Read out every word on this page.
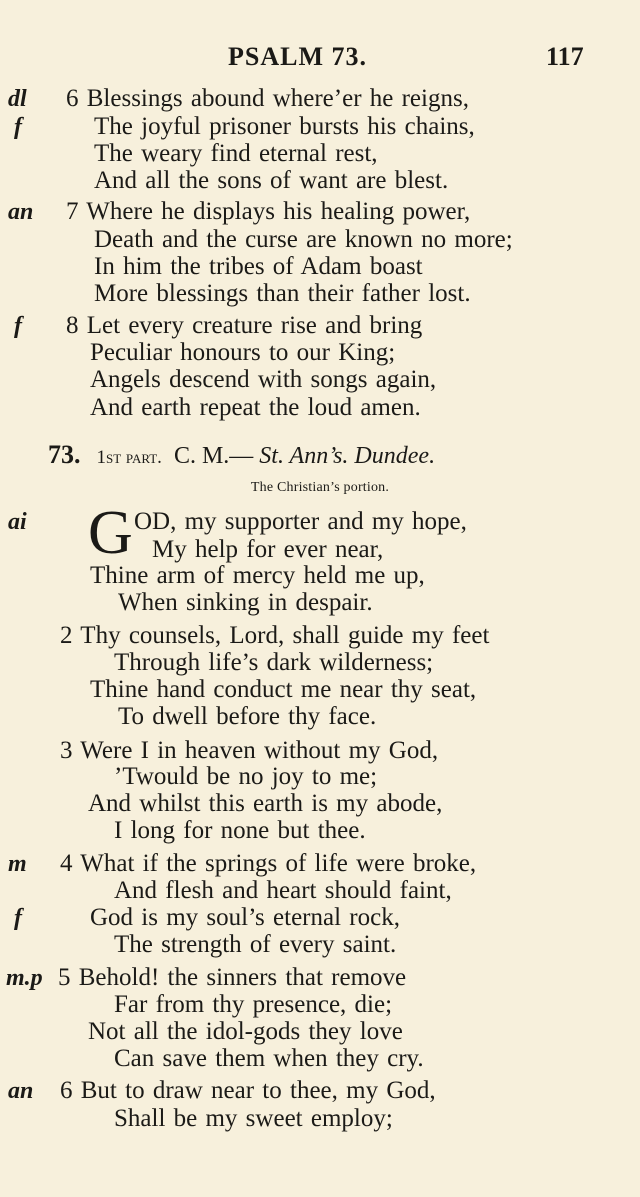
PSALM 73.	117
dl 6 Blessings abound where’er he reigns,
f	The joyful prisoner bursts his chains,
The weary find eternal rest,
And all the sons of want are blest.
an 7 Where he displays his healing power,
Death and the curse are known no more;
In him the tribes of Adam boast
More blessings than their father lost.
f 8 Let every creature rise and bring
Peculiar honours to our King;
Angels descend with songs again,
And earth repeat the loud amen.
73. 1st part. C. M.— St. Ann’s. Dundee.
The Christian’s portion.
ai G OD, my supporter and my hope,
My help for ever near,
Thine arm of mercy held me up,
When sinking in despair.
2 Thy counsels, Lord, shall guide my feet
Through life’s dark wilderness;
Thine hand conduct me near thy seat,
To dwell before thy face.
3 Were I in heaven without my God,
’Twould be no joy to me;
And whilst this earth is my abode,
I long for none but thee.
m 4 What if the springs of life were broke,
And flesh and heart should faint,
f	God is my soul’s eternal rock,
The strength of every saint.
m.p 5 Behold! the sinners that remove
Far from thy presence, die;
Not all the idol-gods they love
Can save them when they cry.
an 6 But to draw near to thee, my God,
Shall be my sweet employ;
